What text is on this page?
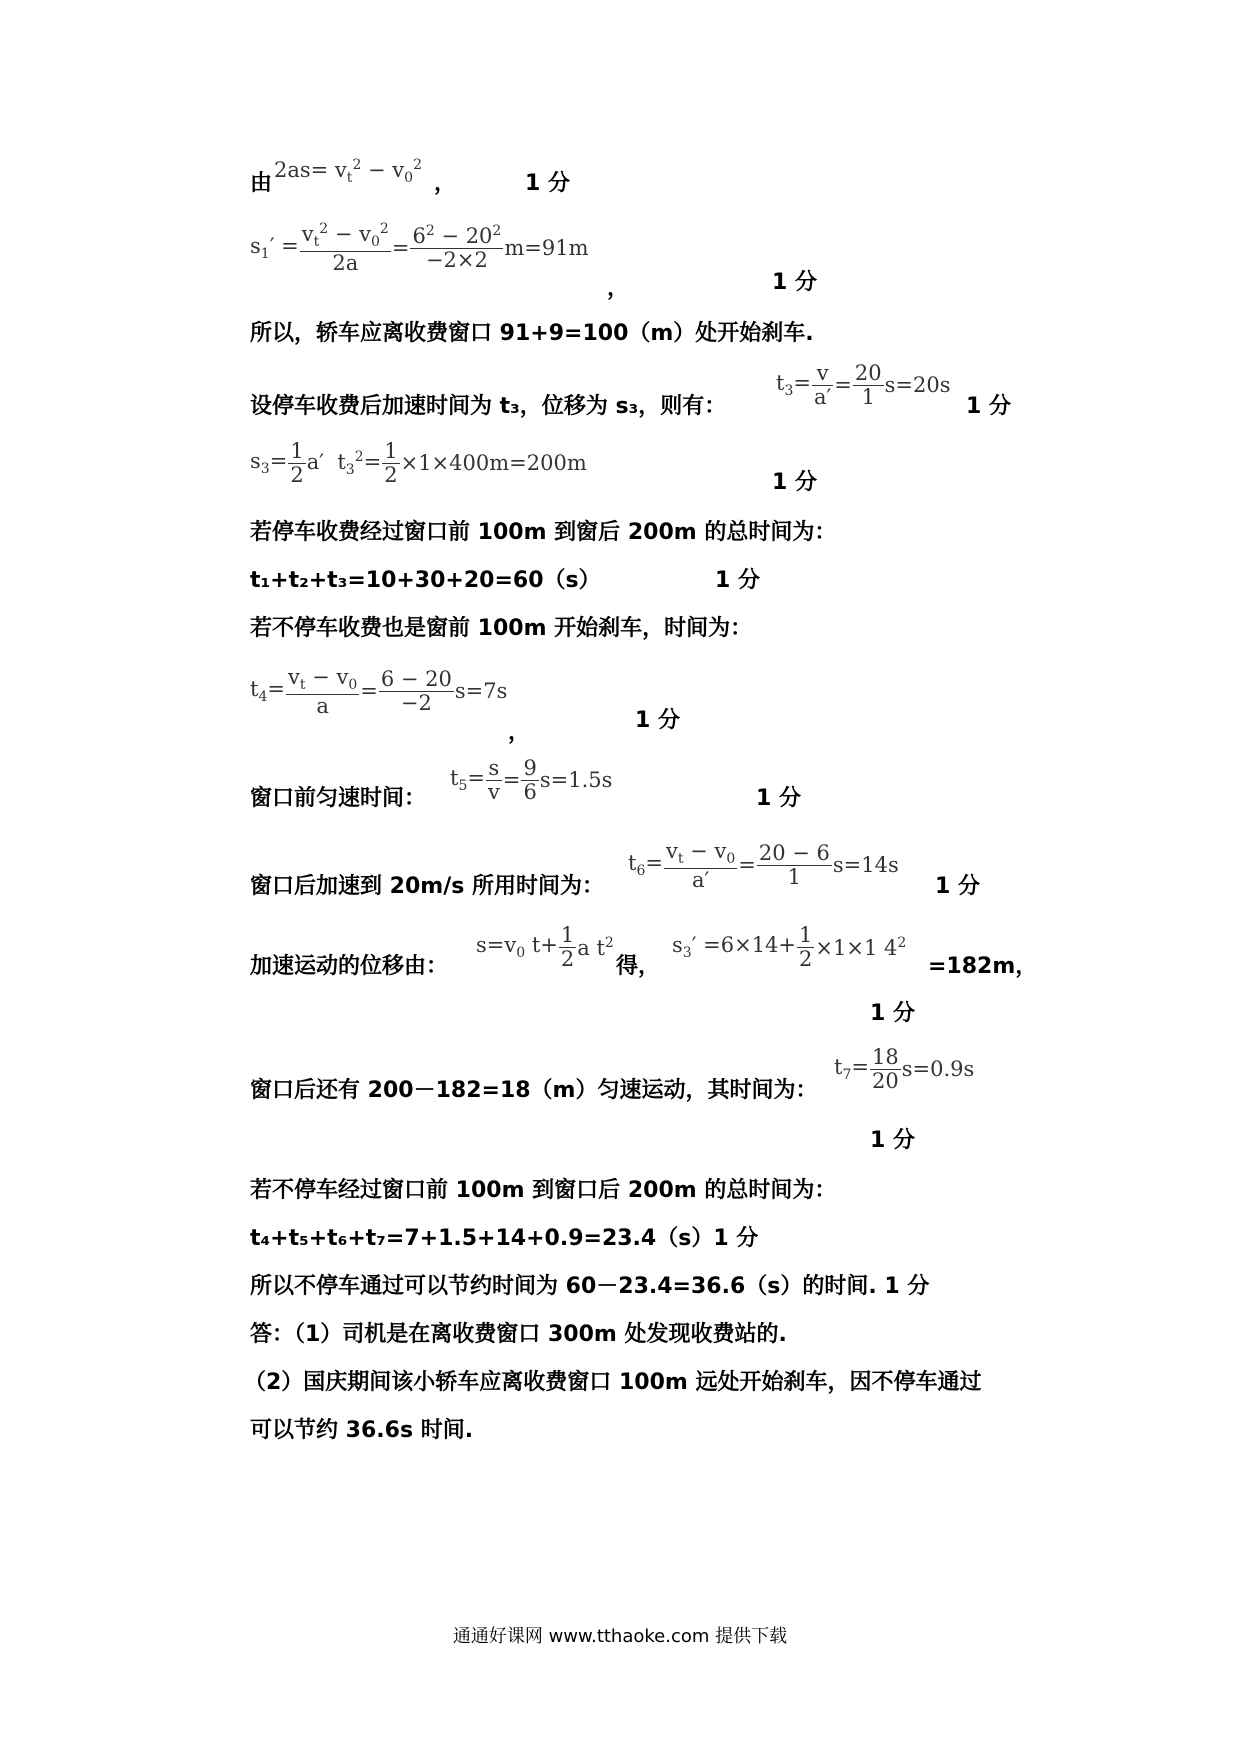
由
$2as= v_t^2 - v_0^2$
，	1 分
$s_1' = \frac{v_t^2 - v_0^2}{2a} = \frac{6^2 - 20^2}{-2\times 2} m=91m$
，	1 分
所以，轿车应离收费窗口 91+9=100（m）处开始刹车.
设停车收费后加速时间为 t₃，位移为 s₃，则有：
$t_3= \frac{v}{a'} = \frac{20}{1} s=20s$
1 分
$s_3= \frac{1}{2} a'$  $t_3^2= \frac{1}{2} \times 1\times 400m=200m$
1 分
若停车收费经过窗口前 100m 到窗后 200m 的总时间为：
t₁+t₂+t₃=10+30+20=60（s）	1 分
若不停车收费也是窗前 100m 开始刹车，时间为：
$t_4= \frac{v_t - v_0}{a} = \frac{6 - 20}{-2} s=7s$
，	1 分
窗口前匀速时间：
$t_5= \frac{s}{v} = \frac{9}{6} s=1.5s$
1 分
窗口后加速到 20m/s 所用时间为：
$t_6= \frac{v_t - v_0}{a'} = \frac{20 - 6}{1} s=14s$
1 分
加速运动的位移由：
$s=v_0$ $t+ \frac{1}{2}$ a $t^2$
得，
$s_3' =6\times 14+ \frac{1}{2} \times 1\times 1$ $4^2$
=182m，
1 分
窗口后还有 200－182=18（m）匀速运动，其时间为：
$t_7= \frac{18}{20} s=0.9s$
1 分
若不停车经过窗口前 100m 到窗口后 200m 的总时间为：
t₄+t₅+t₆+t₇=7+1.5+14+0.9=23.4（s）1 分
所以不停车通过可以节约时间为 60－23.4=36.6（s）的时间. 1 分
答：（1）司机是在离收费窗口 300m 处发现收费站的.
（2）国庆期间该小轿车应离收费窗口 100m 远处开始刹车，因不停车通过
可以节约 36.6s 时间.
通通好课网 www.tthaoke.com 提供下载
